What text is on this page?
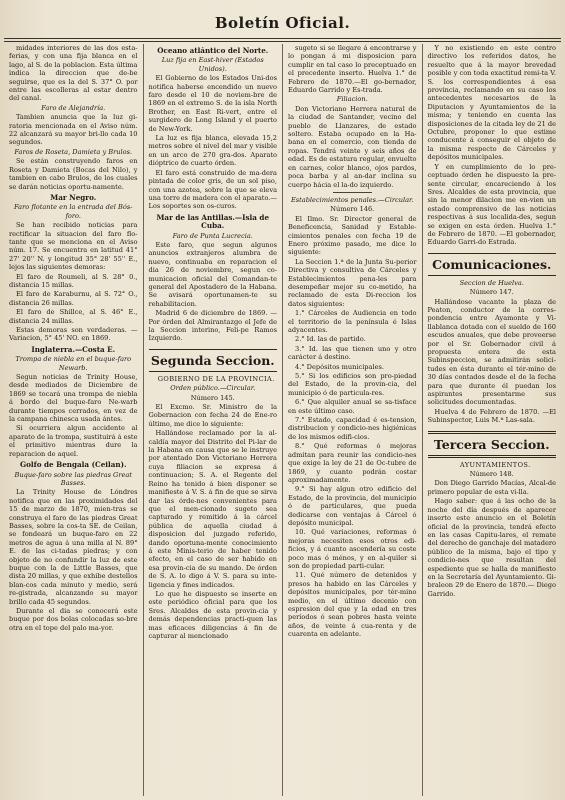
Boletín Oficial.

midades interiores de las dos esta-ferias, y con una fija blanca en el lago, al S. de la poblacion. Esta última indica la direccion que de-be seguirse, que es la del S. 37° O. por entre las escolleras al estar dentro del canal.

Faro de Alejandría.

Tambien anuncia que la luz gi-ratoria mencionada en el Aviso núm. 22 alcanzará su mayor bri-llo cada 10 segundos.

Faros de Roseta, Damieta y Brulos.

Se están construyendo faros en Roseta y Damieta (Bocas del Nilo), y tambien en cabo Brulos, de los cuales se darán noticias oportu-namente.

Mar Negro.

Faro flotante en la entrada del Bós-foro.

Se han recibido noticias para rectificar la situacion del faro flo-tante que se menciona en el Aviso núm. 17. Se encuentra en latitud 41° 27' 20'' N. y longitud 35° 28' 55'' E., lejos las siguientes demoras:

El faro de Roumeli, al S. 28° 0., distancia 15 millas.

El faro de Karaburnu, al S. 72° O., distancia 26 millas.

El faro de Shillce, al S. 46° E., distancia 24 millas.

Estas demoras son verdaderas. —Variacion, 5° 45' NO. en 1869.

Inglaterra.—Costa E.

Trompa de niebla en el buque-faro Newarb.

Segun noticias de Trinity House, desde mediados de Diciembre de 1869 se tocará una trompa de niebla á bordo del buque-faro Ne-warb durante tiempos cerrados, en vez de la campana chinesca usada ántes.

Si ocurriera algun accidente al aparato de la trompa, sustituirá á este el primitivo mientras dure la reparacion de aquel.

Golfo de Bengala (Ceilan).

Buque-faro sobre las piedras Great Basses.

La Trinity House de Lóndres notifica que en las proximidades del 15 de marzo de 1870, mien-tras se construya el faro de las piedras Great Basses, sobre la cos-ta SE. de Ceilan, se fondeará un buque-faro en 22 metros de agua á una milla al N. 89° E. de las ci-tadas piedras; y con objeto de no confundir la luz de este buque con la de Little Basses, que dista 20 millas, y que exhibe destellos blan-cos cada minuto y medio, será re-gistrada, alcanzando su mayor brillo cada 45 segundos.

Durante el dia se conocerá este buque por dos bolas colocadas so-bre otra en el tope del palo ma-yor.

Oceano atlántico del Norte.

Luz fija en East-hiver (Estados Unidos).

El Gobierno de los Estados Uni-dos notifica haberse encendido un nuevo faro desde el 10 de noviem-bre de 1869 en el extremo S. de la isla North Brother, en East Ri-vert, entre el surgidero de Long Island y el puerto de New-York.

La luz es fija blanca, elevada 15,2 metros sobre el nivel del mar y visible en un arco de 270 gra-dos. Aparato dióptrico de cuarto órden.

El faro está construido de ma-dera pintada de color gris, de un sol piso, con una azotea, sobre la que se eleva una torre de madera con el aparato.—Los soportes son os-curos.

Mar de las Antillas.—Isla de Cuba.

Faro de Punta Lucrecia.

Este faro, que segun algunos anuncios extranjeros alumbra de nuevo, continuaba en reparacion el dia 26 de noviembre, segun co-municacion oficial del Comandan-te general del Apostadero de la Habana. Se avisará oportunamen-te su rehabilitacion.

Madrid 6 de diciembre de 1869. —Por órden del Almirantazgo el Jefe de la Seccion interino, Feli-pe Ramos Izquierdo.

Segunda Seccion.

GOBIERNO DE LA PROVINCIA.

Orden público.—Circular.

Número 145.

El Excmo. Sr. Ministro de la Gobernacion con fecha 24 de Ene-ro último, me dice lo siguiente:

Hallándose reclamado por la al-caldía mayor del Distrito del Pi-lar de la Habana en causa que se le instruye por atentado Don Victoriano Herrera cuya filiacion se expresa á continuacion; S. A. el Regente del Reino ha tenido á bien disponer se manifieste á V. S. á fin de que se sirva dar las órde-nes convenientes para que el men-cionado sugeto sea capturado y remitido á la cárcel pública de aquella ciudad á disposicion del juzgado referido, dando oportuna-mente conocimiento á este Minis-terio de haber tenido efecto, en el caso de ser habido en esa provin-cia de su mando. De órden de S. A. lo digo á V. S. para su inte-ligencia y fines indicados.

Lo que he dispuesto se inserte en este periódico oficial para que los Sres. Alcaldes de esta provin-cia y demás dependencias practi-quen las mas eficaces diligencias á fin de capturar al mencionado

sugeto si se llegare á encontrarse y lo pongan á mi disposicion para cumplir en tal caso lo preceptuado en el precedente inserto. Huelva 1.° de Febrero de 1870.—El go-bernador, Eduardo Garrido y Es-trada.

Filiacion.

Don Victoriano Herrera natural de la ciudad de Santander, vecino del pueblo de Llanzares, de estado soltero. Estaba ocupado en la Ha-bana en el comercio, con tienda de ropas. Tendrá veinte y seis años de edad. Es de estatura regular, envuelto en carnes, color blanco, ojos pardos, poca barba y al an-dar inclina su cuerpo hácia el la-do izquierdo.

Establecimientos penales.—Circular.

Número 146.

El Ilmo. Sr. Director general de Beneficencia, Sanidad y Estable-cimientos penales con fecha 19 de Enero próximo pasado, me dice lo siguiente:

La Seccion 1.ª de la Junta Su-perior Directiva y consultiva de Cárceles y Establecimientos pena-les para desempeñar mejor su co-metido, ha reclamado de esta Di-reccion los datos siguientes:

1.° Cárceles de Audiencia en todo el territorio de la península é Islas adyacentes.

2.° Id. las de partido.

3.° Id. las que tienen uno y otro carácter á destino.

4.° Depósitos municipales.

5.° Si los edificios son pro-piedad del Estado, de la provin-cia, del municipio ó de particula-res.

6.° Que alquiler anual se sa-tisface en este último caso.

7.° Estado, capacidad é es-tension, distribucion y condicio-nes higiénicas de los mismos edifi-cios.

8.° Qué reformas ó mejoras admitan para reunir las condicio-nes que exige la ley de 21 de Oc-tubre de 1869, y cuanto podrán costar aproximadamente.

9.° Si hay algun otro edificio del Estado, de la provincia, del municipio ó de particulares, que pueda dedicarse con ventajas á Cárcel ó depósito municipal.

10. Qué variaciones, reformas ó mejoras necesiten esos otros edi-ficios, y á cuanto ascendería su coste poco mas ó ménos, y en al-quiler si son de propiedad parti-cular.

11. Qué número de detenidos y presos ha habido en las Cárceles y depósitos municipales, por tér-mino medio, en el último decenio con espresion del que y la edad en tres períodos ó sean pobres hasta veinte años, de veinte á cua-renta y de cuarenta en adelante.

Y no existiendo en este centro directivo los referidos datos, he resuelto que á la mayor brevedad posible y con toda exactitud remi-ta V. S. los correspondientes á esa provincia, reclamando en su caso los antecedentes necesarios de la Diputacion y Ayuntamientos de la misma; y teniendo en cuenta las disposiciones de la citada ley de 21 de Octubre, proponer lo que estime conducente á conseguir el objeto de la misma respecto de Cárceles y depósitos municipales.

Y en cumplimiento de lo pre-ceptuado órden he dispuesto la pre-sente circular, encareciendo á los Sres. Alcaldes de esta provincia, que sin la menor dilacion me en-vien un estado comprensivo de las noticias respectivas á sus localida-des, segun se exigen en esta órden. Huelva 1.° de Febrero de 1870. —El gobernador, Eduardo Garri-do Estrada.

Comunicaciones.

Seccion de Huelva.

Número 147.

Hallándose vacante la plaza de Peaton, conductor de la corres-pondencia entre Ayamonte y Vi-llablanca dotada con el sueldo de 160 escudos anuales, que debe proveerse por el Sr. Gobernador civil á propuesta entera de esta Subinspeccion, se admitirán solici-tudes en ésta durante el tér-mino de 30 días contados desde el de la fecha para que durante él puedan los aspirantes presentarme sus solicitudes documentadas.

Huelva 4 de Febrero de 1870. —El Subinspector, Luis M.ª Las-sala.

Tercera Seccion.

AYUNTAMIENTOS.

Número 148.

Don Diego Garrido Macías, Alcal-de primero popular de esta vi-lla.

Hago saber: que á las ocho de la noche del día después de aparecer inserto este anuncio en el Boletín oficial de la provincia, tendrá efecto en las casas Capitu-lares, el remate del derecho de ganchaje del matadero público de la misma, bajo el tipo y condicio-nes que resultan del espediente que se halla de manifiesto en la Secretaría del Ayuntamiento. Gi-braleon 29 de Enero de 1870.— Diego Garrido.
